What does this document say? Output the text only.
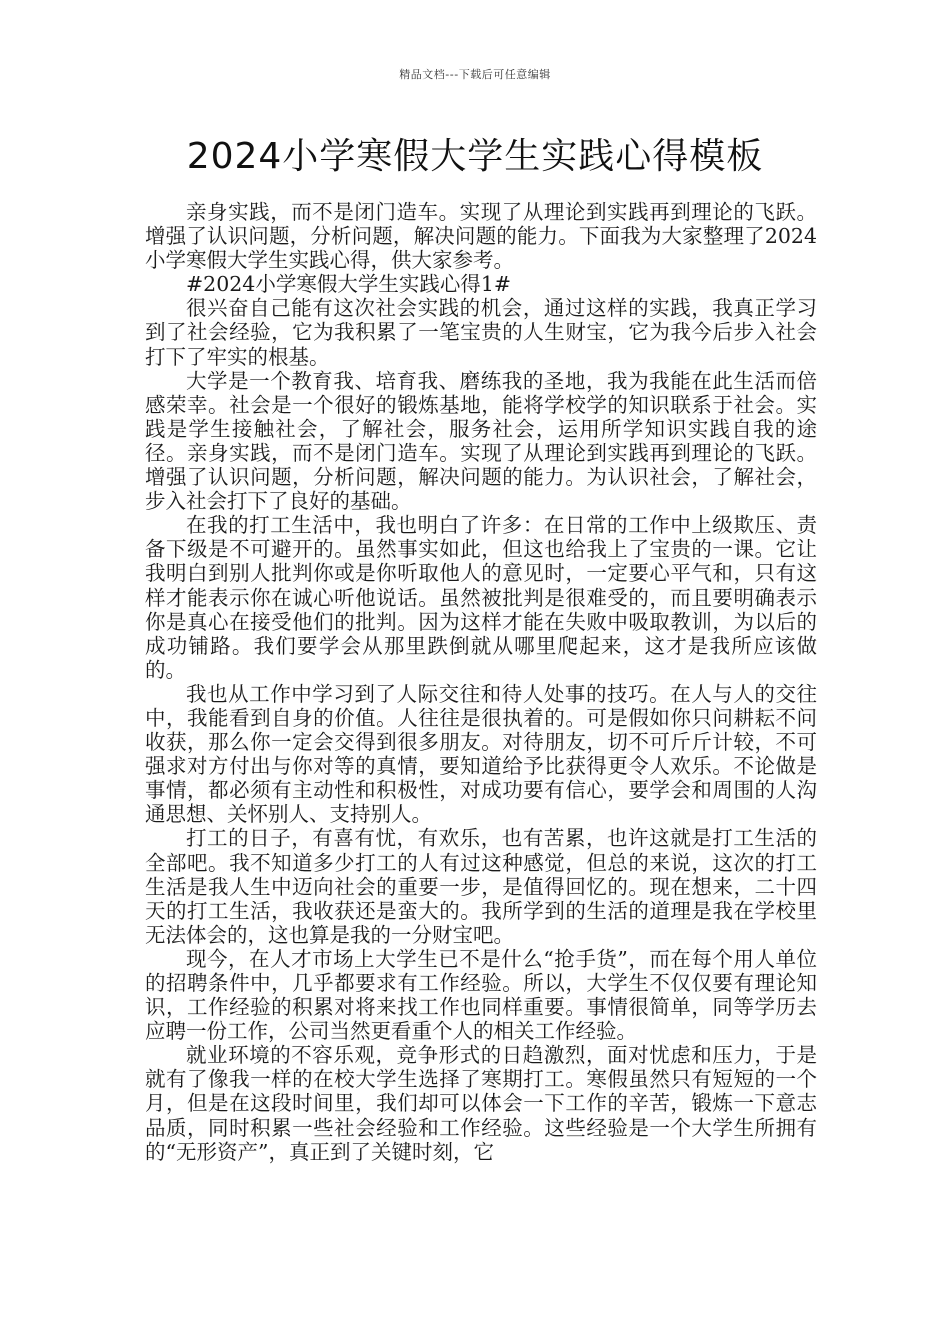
精品文档---下载后可任意编辑
2024小学寒假大学生实践心得模板

亲身实践，而不是闭门造车。实现了从理论到实践再到理论的飞跃。增强了认识问题，分析问题，解决问题的能力。下面我为大家整理了2024小学寒假大学生实践心得，供大家参考。

#2024小学寒假大学生实践心得1#

很兴奋自己能有这次社会实践的机会，通过这样的实践，我真正学习到了社会经验，它为我积累了一笔宝贵的人生财宝，它为我今后步入社会打下了牢实的根基。

大学是一个教育我、培育我、磨练我的圣地，我为我能在此生活而倍感荣幸。社会是一个很好的锻炼基地，能将学校学的知识联系于社会。实践是学生接触社会，了解社会，服务社会，运用所学知识实践自我的途径。亲身实践，而不是闭门造车。实现了从理论到实践再到理论的飞跃。增强了认识问题，分析问题，解决问题的能力。为认识社会，了解社会，步入社会打下了良好的基础。

在我的打工生活中，我也明白了许多：在日常的工作中上级欺压、责备下级是不可避开的。虽然事实如此，但这也给我上了宝贵的一课。它让我明白到别人批判你或是你听取他人的意见时，一定要心平气和，只有这样才能表示你在诚心听他说话。虽然被批判是很难受的，而且要明确表示你是真心在接受他们的批判。因为这样才能在失败中吸取教训，为以后的成功铺路。我们要学会从那里跌倒就从哪里爬起来，这才是我所应该做的。

我也从工作中学习到了人际交往和待人处事的技巧。在人与人的交往中，我能看到自身的价值。人往往是很执着的。可是假如你只问耕耘不问收获，那么你一定会交得到很多朋友。对待朋友，切不可斤斤计较，不可强求对方付出与你对等的真情，要知道给予比获得更令人欢乐。不论做是事情，都必须有主动性和积极性，对成功要有信心，要学会和周围的人沟通思想、关怀别人、支持别人。

打工的日子，有喜有忧，有欢乐，也有苦累，也许这就是打工生活的全部吧。我不知道多少打工的人有过这种感觉，但总的来说，这次的打工生活是我人生中迈向社会的重要一步，是值得回忆的。现在想来，二十四天的打工生活，我收获还是蛮大的。我所学到的生活的道理是我在学校里无法体会的，这也算是我的一分财宝吧。

现今，在人才市场上大学生已不是什么“抢手货”，而在每个用人单位的招聘条件中，几乎都要求有工作经验。所以，大学生不仅仅要有理论知识，工作经验的积累对将来找工作也同样重要。事情很简单，同等学历去应聘一份工作，公司当然更看重个人的相关工作经验。

就业环境的不容乐观，竞争形式的日趋激烈，面对忧虑和压力，于是就有了像我一样的在校大学生选择了寒期打工。寒假虽然只有短短的一个月，但是在这段时间里，我们却可以体会一下工作的辛苦，锻炼一下意志品质，同时积累一些社会经验和工作经验。这些经验是一个大学生所拥有的“无形资产”，真正到了关键时刻，它
